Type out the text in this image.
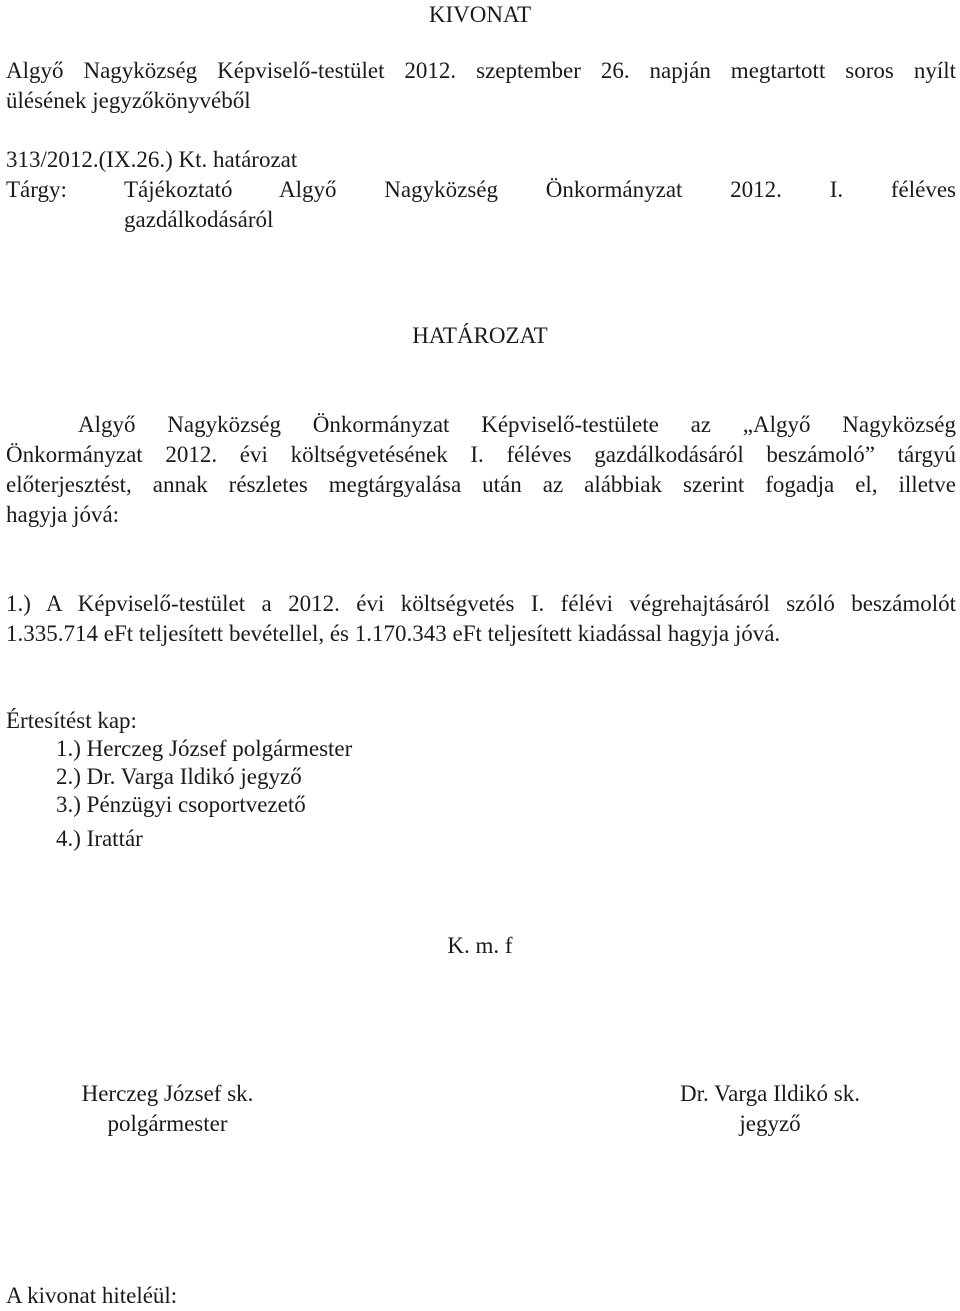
KIVONAT
Algyő Nagyközség Képviselő-testület 2012. szeptember 26. napján megtartott soros nyílt
ülésének jegyzőkönyvéből
313/2012.(IX.26.) Kt. határozat
Tárgy:	Tájékoztató Algyő Nagyközség Önkormányzat 2012. I. féléves
gazdálkodásáról
HATÁROZAT
Algyő Nagyközség Önkormányzat Képviselő-testülete az „Algyő Nagyközség
Önkormányzat 2012. évi költségvetésének I. féléves gazdálkodásáról beszámoló” tárgyú
előterjesztést, annak részletes megtárgyalása után az alábbiak szerint fogadja el, illetve
hagyja jóvá:
1.) A Képviselő-testület a 2012. évi költségvetés I. félévi végrehajtásáról szóló beszámolót
1.335.714 eFt teljesített bevétellel, és 1.170.343 eFt teljesített kiadással hagyja jóvá.
Értesítést kap:
1.) Herczeg József polgármester
2.) Dr. Varga Ildikó jegyző
3.) Pénzügyi csoportvezető
4.) Irattár
K. m. f
Herczeg József sk.
polgármester
Dr. Varga Ildikó sk.
jegyző
A kivonat hiteléül:
